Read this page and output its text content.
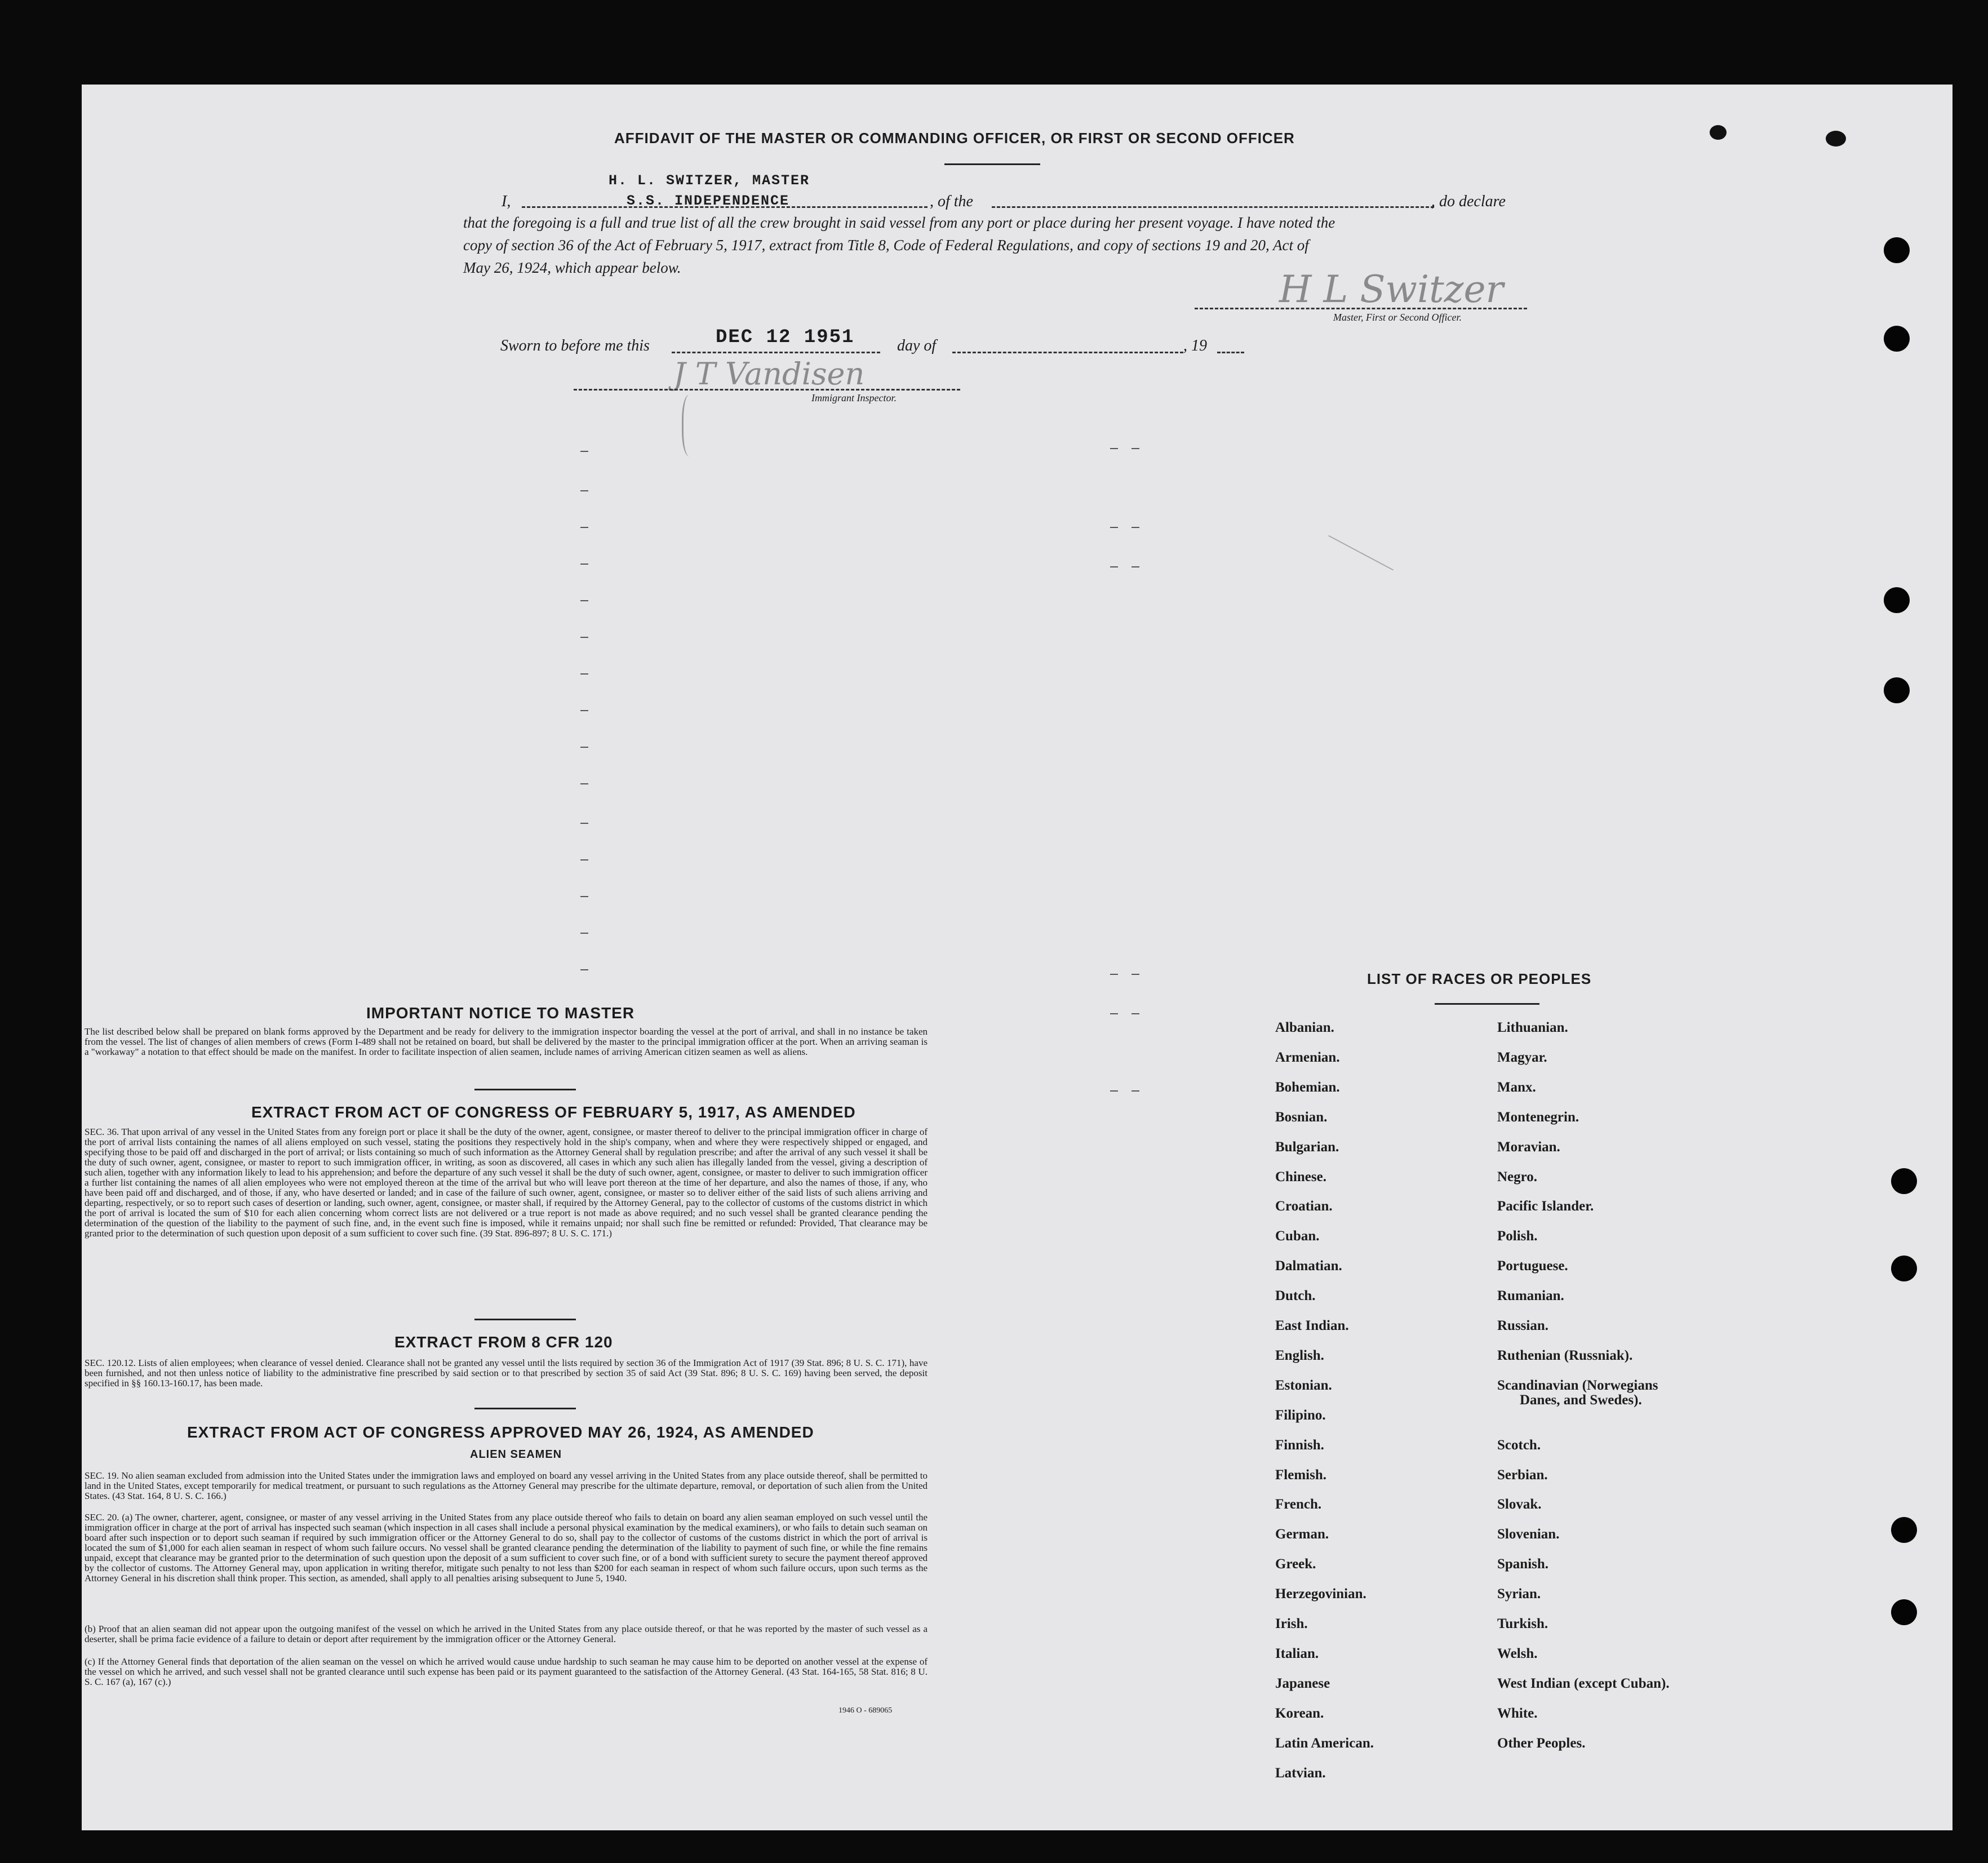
AFFIDAVIT OF THE MASTER OR COMMANDING OFFICER, OR FIRST OR SECOND OFFICER
H. L. SWITZER, MASTER
I,	S.S. INDEPENDENCE	, of the	, do declare
that the foregoing is a full and true list of all the crew brought in said vessel from any port or place during her present voyage. I have noted the
copy of section 36 of the Act of February 5, 1917, extract from Title 8, Code of Federal Regulations, and copy of sections 19 and 20, Act of
May 26, 1924, which appear below.	H L Switzer
Master, First or Second Officer.
Sworn to before me this	DEC 12 1951	day of	, 19
J T Vandisen
Immigrant Inspector.
IMPORTANT NOTICE TO MASTER
The list described below shall be prepared on blank forms approved by the Department and be ready for delivery to the immigration inspector boarding the vessel at the port of arrival, and shall in no instance be taken from the vessel. The list of changes of alien members of crews (Form I-489 shall not be retained on board, but shall be delivered by the master to the principal immigration officer at the port. When an arriving seaman is a "workaway" a notation to that effect should be made on the manifest. In order to facilitate inspection of alien seamen, include names of arriving American citizen seamen as well as aliens.
EXTRACT FROM ACT OF CONGRESS OF FEBRUARY 5, 1917, AS AMENDED
SEC. 36. That upon arrival of any vessel in the United States from any foreign port or place it shall be the duty of the owner, agent, consignee, or master thereof to deliver to the principal immigration officer in charge of the port of arrival lists containing the names of all aliens employed on such vessel, stating the positions they respectively hold in the ship's company, when and where they were respectively shipped or engaged, and specifying those to be paid off and discharged in the port of arrival; or lists containing so much of such information as the Attorney General shall by regulation prescribe; and after the arrival of any such vessel it shall be the duty of such owner, agent, consignee, or master to report to such immigration officer, in writing, as soon as discovered, all cases in which any such alien has illegally landed from the vessel, giving a description of such alien, together with any information likely to lead to his apprehension; and before the departure of any such vessel it shall be the duty of such owner, agent, consignee, or master to deliver to such immigration officer a further list containing the names of all alien employees who were not employed thereon at the time of the arrival but who will leave port thereon at the time of her departure, and also the names of those, if any, who have been paid off and discharged, and of those, if any, who have deserted or landed; and in case of the failure of such owner, agent, consignee, or master so to deliver either of the said lists of such aliens arriving and departing, respectively, or so to report such cases of desertion or landing, such owner, agent, consignee, or master shall, if required by the Attorney General, pay to the collector of customs of the customs district in which the port of arrival is located the sum of $10 for each alien concerning whom correct lists are not delivered or a true report is not made as above required; and no such vessel shall be granted clearance pending the determination of the question of the liability to the payment of such fine, and, in the event such fine is imposed, while it remains unpaid; nor shall such fine be remitted or refunded: Provided, That clearance may be granted prior to the determination of such question upon deposit of a sum sufficient to cover such fine. (39 Stat. 896-897; 8 U. S. C. 171.)
EXTRACT FROM 8 CFR 120
SEC. 120.12. Lists of alien employees; when clearance of vessel denied. Clearance shall not be granted any vessel until the lists required by section 36 of the Immigration Act of 1917 (39 Stat. 896; 8 U. S. C. 171), have been furnished, and not then unless notice of liability to the administrative fine prescribed by said section or to that prescribed by section 35 of said Act (39 Stat. 896; 8 U. S. C. 169) having been served, the deposit specified in §§ 160.13-160.17, has been made.
EXTRACT FROM ACT OF CONGRESS APPROVED MAY 26, 1924, AS AMENDED
ALIEN SEAMEN
SEC. 19. No alien seaman excluded from admission into the United States under the immigration laws and employed on board any vessel arriving in the United States from any place outside thereof, shall be permitted to land in the United States, except temporarily for medical treatment, or pursuant to such regulations as the Attorney General may prescribe for the ultimate departure, removal, or deportation of such alien from the United States. (43 Stat. 164, 8 U. S. C. 166.)
SEC. 20. (a) The owner, charterer, agent, consignee, or master of any vessel arriving in the United States from any place outside thereof who fails to detain on board any alien seaman employed on such vessel until the immigration officer in charge at the port of arrival has inspected such seaman (which inspection in all cases shall include a personal physical examination by the medical examiners), or who fails to detain such seaman on board after such inspection or to deport such seaman if required by such immigration officer or the Attorney General to do so, shall pay to the collector of customs of the customs district in which the port of arrival is located the sum of $1,000 for each alien seaman in respect of whom such failure occurs. No vessel shall be granted clearance pending the determination of the liability to payment of such fine, or while the fine remains unpaid, except that clearance may be granted prior to the determination of such question upon the deposit of a sum sufficient to cover such fine, or of a bond with sufficient surety to secure the payment thereof approved by the collector of customs. The Attorney General may, upon application in writing therefor, mitigate such penalty to not less than $200 for each seaman in respect of whom such failure occurs, upon such terms as the Attorney General in his discretion shall think proper. This section, as amended, shall apply to all penalties arising subsequent to June 5, 1940.
(b) Proof that an alien seaman did not appear upon the outgoing manifest of the vessel on which he arrived in the United States from any place outside thereof, or that he was reported by the master of such vessel as a deserter, shall be prima facie evidence of a failure to detain or deport after requirement by the immigration officer or the Attorney General.
(c) If the Attorney General finds that deportation of the alien seaman on the vessel on which he arrived would cause undue hardship to such seaman he may cause him to be deported on another vessel at the expense of the vessel on which he arrived, and such vessel shall not be granted clearance until such expense has been paid or its payment guaranteed to the satisfaction of the Attorney General. (43 Stat. 164-165, 58 Stat. 816; 8 U. S. C. 167 (a), 167 (c).)
1946 O - 689065
LIST OF RACES OR PEOPLES
Albanian.
Armenian.
Bohemian.
Bosnian.
Bulgarian.
Chinese.
Croatian.
Cuban.
Dalmatian.
Dutch.
East Indian.
English.
Estonian.
Filipino.
Finnish.
Flemish.
French.
German.
Greek.
Herzegovinian.
Irish.
Italian.
Japanese
Korean.
Latin American.
Latvian.
Lithuanian.
Magyar.
Manx.
Montenegrin.
Moravian.
Negro.
Pacific Islander.
Polish.
Portuguese.
Rumanian.
Russian.
Ruthenian (Russniak).
Scandinavian (Norwegians
Danes, and Swedes).
Scotch.
Serbian.
Slovak.
Slovenian.
Spanish.
Syrian.
Turkish.
Welsh.
West Indian (except Cuban).
White.
Other Peoples.
